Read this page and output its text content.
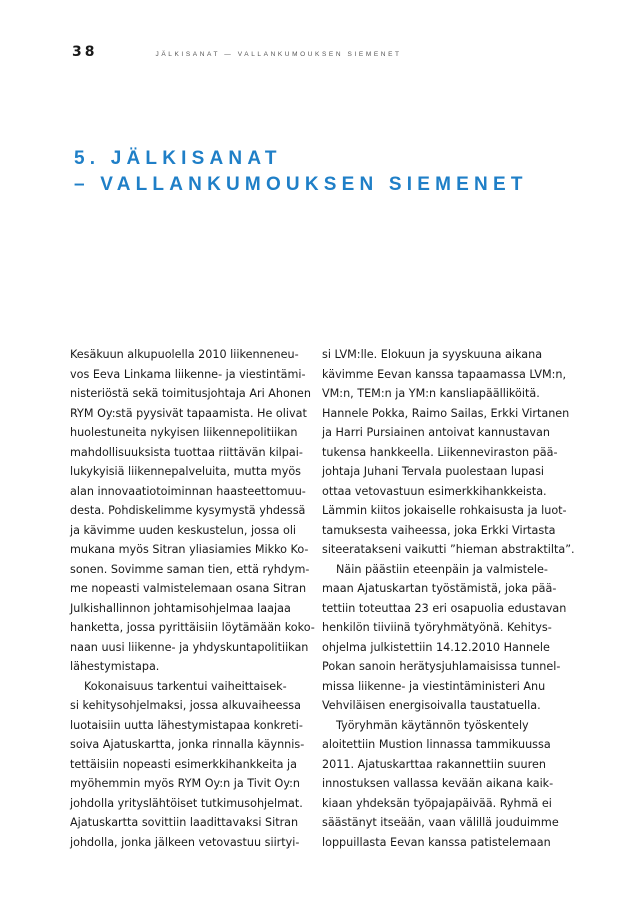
38	JÄLKISANAT — VALLANKUMOUKSEN SIEMENET
5. JÄLKISANAT
– VALLANKUMOUKSEN SIEMENET
Kesäkuun alkupuolella 2010 liikenneneu-
vos Eeva Linkama liikenne- ja viestintämi-
nisteriöstä sekä toimitusjohtaja Ari Ahonen
RYM Oy:stä pyysivät tapaamista. He olivat
huolestuneita nykyisen liikennepolitiikan
mahdollisuuksista tuottaa riittävän kilpai-
lukykyisiä liikennepalveluita, mutta myös
alan innovaatiotoiminnan haasteettomuu-
desta. Pohdiskelimme kysymystä yhdessä
ja kävimme uuden keskustelun, jossa oli
mukana myös Sitran yliasiamies Mikko Ko-
sonen. Sovimme saman tien, että ryhdym-
me nopeasti valmistelemaan osana Sitran
Julkishallinnon johtamisohjelmaa laajaa
hanketta, jossa pyrittäisiin löytämään koko-
naan uusi liikenne- ja yhdyskuntapolitiikan
lähestymistapa.
Kokonaisuus tarkentui vaiheittaisek-
si kehitysohjelmaksi, jossa alkuvaiheessa
luotaisiin uutta lähestymistapaa konkreti-
soiva Ajatuskartta, jonka rinnalla käynnis-
tettäisiin nopeasti esimerkkihankkeita ja
myöhemmin myös RYM Oy:n ja Tivit Oy:n
johdolla yrityslähtöiset tutkimusohjelmat.
Ajatuskartta sovittiin laadittavaksi Sitran
johdolla, jonka jälkeen vetovastuu siirtyi-
si LVM:lle. Elokuun ja syyskuuna aikana
kävimme Eevan kanssa tapaamassa LVM:n,
VM:n, TEM:n ja YM:n kansliapäälliköitä.
Hannele Pokka, Raimo Sailas, Erkki Virtanen
ja Harri Pursiainen antoivat kannustavan
tukensa hankkeella. Liikenneviraston pää-
johtaja Juhani Tervala puolestaan lupasi
ottaa vetovastuun esimerkkihankkeista.
Lämmin kiitos jokaiselle rohkaisusta ja luot-
tamuksesta vaiheessa, joka Erkki Virtasta
siteeratakseni vaikutti ”hieman abstraktilta”.
Näin päästiin eteenpäin ja valmistele-
maan Ajatuskartan työstämistä, joka pää-
tettiin toteuttaa 23 eri osapuolia edustavan
henkilön tiiviinä työryhmätyönä. Kehitys-
ohjelma julkistettiin 14.12.2010 Hannele
Pokan sanoin herätysjuhlamaisissa tunnel-
missa liikenne- ja viestintäministeri Anu
Vehviläisen energisoivalla taustatuella.
Työryhmän käytännön työskentely
aloitettiin Mustion linnassa tammikuussa
2011. Ajatuskarttaa rakannettiin suuren
innostuksen vallassa kevään aikana kaik-
kiaan yhdeksän työpajapäivää. Ryhmä ei
säästänyt itseään, vaan välillä jouduimme
loppuillasta Eevan kanssa patistelemaan
